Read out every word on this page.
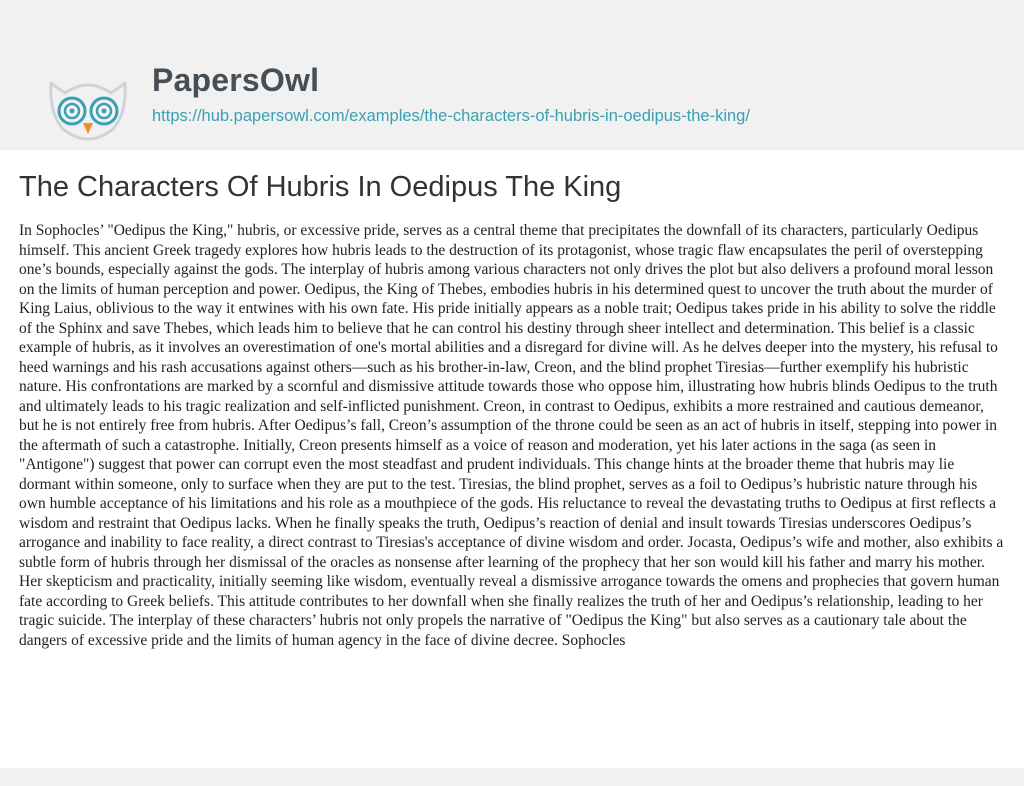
PapersOwl
https://hub.papersowl.com/examples/the-characters-of-hubris-in-oedipus-the-king/
The Characters Of Hubris In Oedipus The King

In Sophocles’ "Oedipus the King," hubris, or excessive pride, serves as a central theme that precipitates the downfall of its characters, particularly Oedipus himself. This ancient Greek tragedy explores how hubris leads to the destruction of its protagonist, whose tragic flaw encapsulates the peril of overstepping one’s bounds, especially against the gods. The interplay of hubris among various characters not only drives the plot but also delivers a profound moral lesson on the limits of human perception and power. Oedipus, the King of Thebes, embodies hubris in his determined quest to uncover the truth about the murder of King Laius, oblivious to the way it entwines with his own fate. His pride initially appears as a noble trait; Oedipus takes pride in his ability to solve the riddle of the Sphinx and save Thebes, which leads him to believe that he can control his destiny through sheer intellect and determination. This belief is a classic example of hubris, as it involves an overestimation of one's mortal abilities and a disregard for divine will. As he delves deeper into the mystery, his refusal to heed warnings and his rash accusations against others—such as his brother-in-law, Creon, and the blind prophet Tiresias—further exemplify his hubristic nature. His confrontations are marked by a scornful and dismissive attitude towards those who oppose him, illustrating how hubris blinds Oedipus to the truth and ultimately leads to his tragic realization and self-inflicted punishment. Creon, in contrast to Oedipus, exhibits a more restrained and cautious demeanor, but he is not entirely free from hubris. After Oedipus’s fall, Creon’s assumption of the throne could be seen as an act of hubris in itself, stepping into power in the aftermath of such a catastrophe. Initially, Creon presents himself as a voice of reason and moderation, yet his later actions in the saga (as seen in "Antigone") suggest that power can corrupt even the most steadfast and prudent individuals. This change hints at the broader theme that hubris may lie dormant within someone, only to surface when they are put to the test. Tiresias, the blind prophet, serves as a foil to Oedipus’s hubristic nature through his own humble acceptance of his limitations and his role as a mouthpiece of the gods. His reluctance to reveal the devastating truths to Oedipus at first reflects a wisdom and restraint that Oedipus lacks. When he finally speaks the truth, Oedipus’s reaction of denial and insult towards Tiresias underscores Oedipus’s arrogance and inability to face reality, a direct contrast to Tiresias's acceptance of divine wisdom and order. Jocasta, Oedipus’s wife and mother, also exhibits a subtle form of hubris through her dismissal of the oracles as nonsense after learning of the prophecy that her son would kill his father and marry his mother. Her skepticism and practicality, initially seeming like wisdom, eventually reveal a dismissive arrogance towards the omens and prophecies that govern human fate according to Greek beliefs. This attitude contributes to her downfall when she finally realizes the truth of her and Oedipus’s relationship, leading to her tragic suicide. The interplay of these characters’ hubris not only propels the narrative of "Oedipus the King" but also serves as a cautionary tale about the dangers of excessive pride and the limits of human agency in the face of divine decree. Sophocles
